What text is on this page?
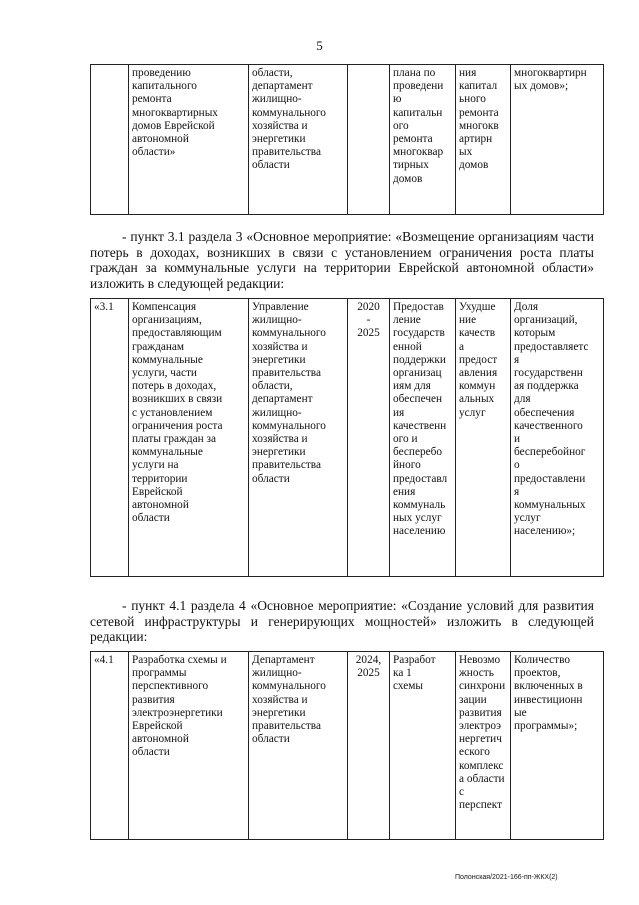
5
	проведению
капитального
ремонта
многоквартирных
домов Еврейской
автономной
области»	области,
департамент
жилищно-
коммунального
хозяйства и
энергетики
правительства
области		плана по
проведени
ю
капитальн
ого
ремонта
многоквар
тирных
домов	ния
капитал
ьного
ремонта
многокв
артирн
ых
домов	многоквартирн
ых домов»;

- пункт 3.1 раздела 3 «Основное мероприятие: «Возмещение организациям части потерь в доходах, возникших в связи с установлением ограничения роста платы граждан за коммунальные услуги на территории Еврейской автономной области» изложить в следующей редакции:

«3.1	Компенсация
организациям,
предоставляющим
гражданам
коммунальные
услуги, части
потерь в доходах,
возникших в связи
с установлением
ограничения роста
платы граждан за
коммунальные
услуги на
территории
Еврейской
автономной
области	Управление
жилищно-
коммунального
хозяйства и
энергетики
правительства
области,
департамент
жилищно-
коммунального
хозяйства и
энергетики
правительства
области	2020
-
2025	Предостав
ление
государств
енной
поддержки
организац
иям для
обеспечен
ия
качественн
ого и
бесперебо
йного
предоставл
ения
коммуналь
ных услуг
населению	Ухудше
ние
качеств
а
предост
авления
коммун
альных
услуг	Доля
организаций,
которым
предоставляетс
я
государственн
ая поддержка
для
обеспечения
качественного
и
бесперебойног
о
предоставлени
я
коммунальных
услуг
населению»;

- пункт 4.1 раздела 4 «Основное мероприятие: «Создание условий для развития сетевой инфраструктуры и генерирующих мощностей» изложить в следующей редакции:

«4.1	Разработка схемы и
программы
перспективного
развития
электроэнергетики
Еврейской
автономной
области	Департамент
жилищно-
коммунального
хозяйства и
энергетики
правительства
области	2024,
2025	Разработ
ка 1
схемы	Невозмо
жность
синхрони
зации
развития
электроэ
нергетич
еского
комплекс
а области
с
перспект	Количество
проектов,
включенных в
инвестиционн
ые
программы»;
Полонская/2021-166-пп-ЖКХ(2)
